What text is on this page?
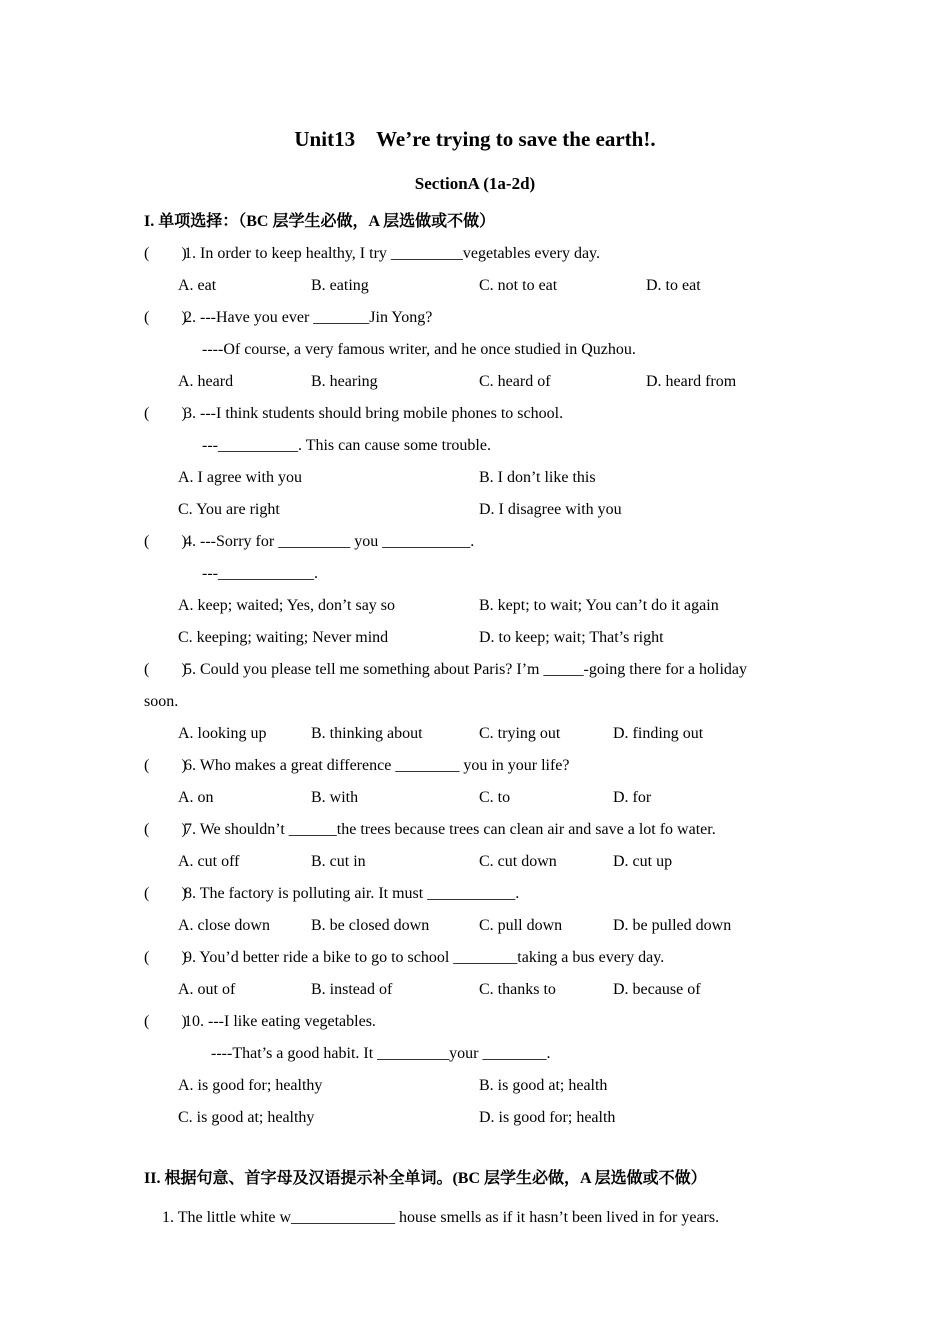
Unit13　We’re trying to save the earth!.
SectionA (1a-2d)
I. 单项选择：（BC 层学生必做，A 层选做或不做）
(　　)
1. In order to keep healthy, I try _________vegetables every day.
A. eat	B. eating	C. not to eat	D. to eat
(　　)
2. ---Have you ever _______Jin Yong?
----Of course, a very famous writer, and he once studied in Quzhou.
A. heard	B. hearing	C. heard of	D. heard from
(　　)
3. ---I think students should bring mobile phones to school.
---__________. This can cause some trouble.
A. I agree with you	B. I don’t like this
C. You are right	D. I disagree with you
(　　)
4. ---Sorry for _________ you ___________.
---____________.
A. keep; waited; Yes, don’t say so	B. kept; to wait; You can’t do it again
C. keeping; waiting; Never mind	D. to keep; wait; That’s right
(　　)
5. Could you please tell me something about Paris? I’m _____-going there for a holiday
soon.
A. looking up	B. thinking about	C. trying out	D. finding out
(　　)
6. Who makes a great difference ________ you in your life?
A. on	B. with	C. to	D. for
(　　)
7. We shouldn’t ______the trees because trees can clean air and save a lot fo water.
A. cut off	B. cut in	C. cut down	D. cut up
(　　)
8. The factory is polluting air. It must ___________.
A. close down	B. be closed down	C. pull down	D. be pulled down
(　　)
9. You’d better ride a bike to go to school ________taking a bus every day.
A. out of	B. instead of	C. thanks to	D. because of
(　　)
10. ---I like eating vegetables.
----That’s a good habit. It _________your ________.
A. is good for; healthy	B. is good at; health
C. is good at; healthy	D. is good for; health
II. 根据句意、首字母及汉语提示补全单词。(BC 层学生必做，A 层选做或不做）
1. The little white w_____________ house smells as if it hasn’t been lived in for years.
